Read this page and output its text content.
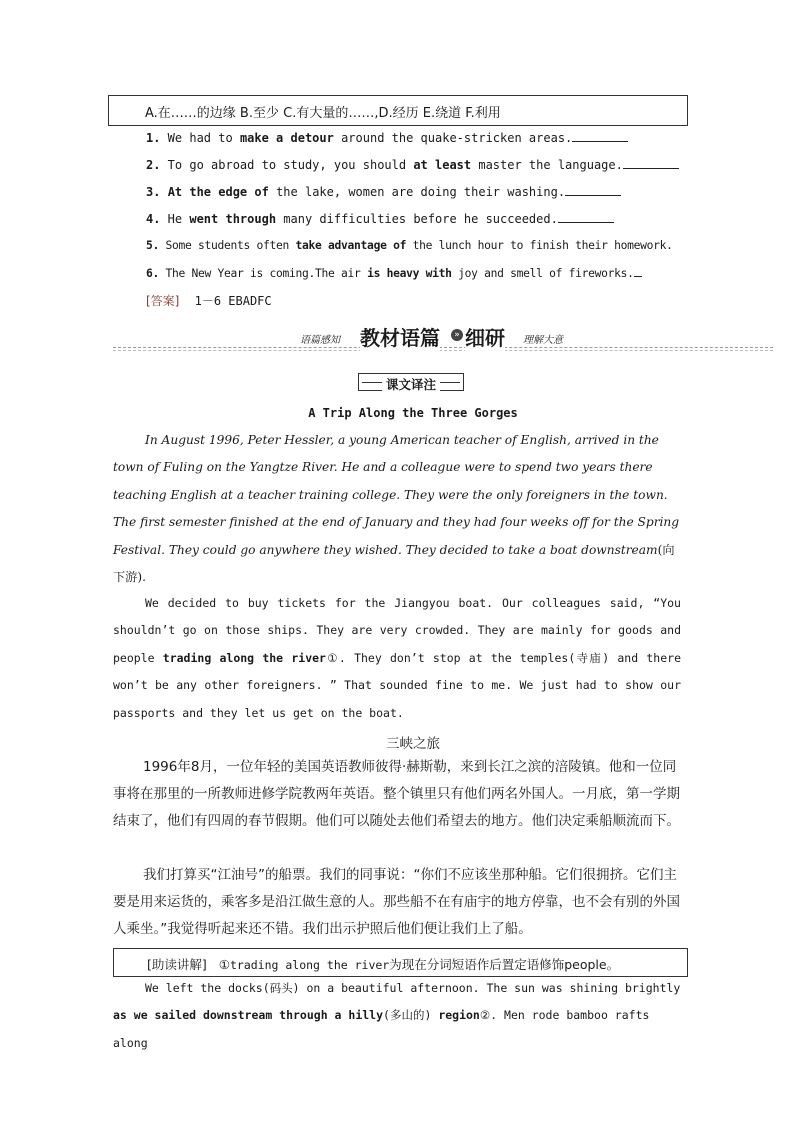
A.在……的边缘 B.至少 C.有大量的……,D.经历 E.绕道 F.利用
1. We had to make a detour around the quake-stricken areas.
2. To go abroad to study, you should at least master the language.
3. At the edge of the lake, women are doing their washing.
4. He went through many difficulties before he succeeded.
5. Some students often take advantage of the lunch hour to finish their homework.
6. The New Year is coming.The air is heavy with joy and smell of fireworks.
[答案] 1－6 EBADFC
语篇感知 教材语篇	» 细研 理解大意
课文译注
A Trip Along the Three Gorges
In August 1996, Peter Hessler, a young American teacher of English, arrived in the town of Fuling on the Yangtze River. He and a colleague were to spend two years there teaching English at a teacher training college. They were the only foreigners in the town. The first semester finished at the end of January and they had four weeks off for the Spring Festival. They could go anywhere they wished. They decided to take a boat downstream(向下游).
We decided to buy tickets for the Jiangyou boat. Our colleagues said, “You shouldn’t go on those ships. They are very crowded. They are mainly for goods and people trading along the river①. They don’t stop at the temples(寺庙) and there won’t be any other foreigners. ” That sounded fine to me. We just had to show our passports and they let us get on the boat.
三峡之旅
1996年8月，一位年轻的美国英语教师彼得·赫斯勒，来到长江之滨的涪陵镇。他和一位同事将在那里的一所教师进修学院教两年英语。整个镇里只有他们两名外国人。一月底，第一学期结束了，他们有四周的春节假期。他们可以随处去他们希望去的地方。他们决定乘船顺流而下。
我们打算买“江油号”的船票。我们的同事说：“你们不应该坐那种船。它们很拥挤。它们主要是用来运货的，乘客多是沿江做生意的人。那些船不在有庙宇的地方停靠，也不会有别的外国人乘坐。”我觉得听起来还不错。我们出示护照后他们便让我们上了船。
[助读讲解] ①trading along the river为现在分词短语作后置定语修饰people。
We left the docks(码头) on a beautiful afternoon. The sun was shining brightly as we sailed downstream through a hilly(多山的) region②. Men rode bamboo rafts along
